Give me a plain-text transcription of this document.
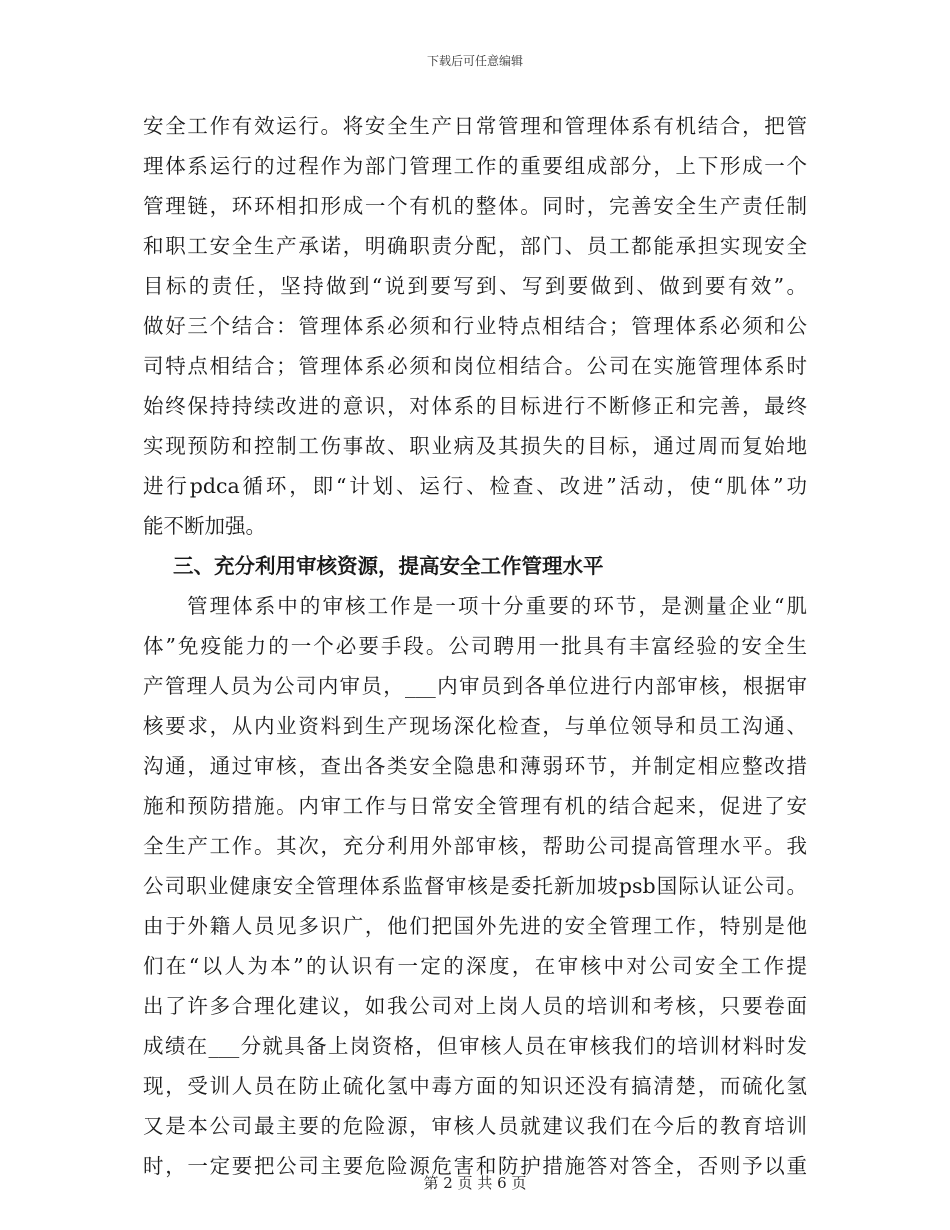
下载后可任意编辑
安全工作有效运行。将安全生产日常管理和管理体系有机结合，把管
理体系运行的过程作为部门管理工作的重要组成部分，上下形成一个
管理链，环环相扣形成一个有机的整体。同时，完善安全生产责任制
和职工安全生产承诺，明确职责分配，部门、员工都能承担实现安全
目标的责任，坚持做到“说到要写到、写到要做到、做到要有效”。
做好三个结合：管理体系必须和行业特点相结合；管理体系必须和公
司特点相结合；管理体系必须和岗位相结合。公司在实施管理体系时
始终保持持续改进的意识，对体系的目标进行不断修正和完善，最终
实现预防和控制工伤事故、职业病及其损失的目标，通过周而复始地
进行pdca循环，即“计划、运行、检查、改进”活动，使“肌体”功
能不断加强。
三、充分利用审核资源，提高安全工作管理水平
管理体系中的审核工作是一项十分重要的环节，是测量企业“肌
体”免疫能力的一个必要手段。公司聘用一批具有丰富经验的安全生
产管理人员为公司内审员，___内审员到各单位进行内部审核，根据审
核要求，从内业资料到生产现场深化检查，与单位领导和员工沟通、
沟通，通过审核，查出各类安全隐患和薄弱环节，并制定相应整改措
施和预防措施。内审工作与日常安全管理有机的结合起来，促进了安
全生产工作。其次，充分利用外部审核，帮助公司提高管理水平。我
公司职业健康安全管理体系监督审核是委托新加坡psb国际认证公司。
由于外籍人员见多识广，他们把国外先进的安全管理工作，特别是他
们在“以人为本”的认识有一定的深度，在审核中对公司安全工作提
出了许多合理化建议，如我公司对上岗人员的培训和考核，只要卷面
成绩在___分就具备上岗资格，但审核人员在审核我们的培训材料时发
现，受训人员在防止硫化氢中毒方面的知识还没有搞清楚，而硫化氢
又是本公司最主要的危险源，审核人员就建议我们在今后的教育培训
时，一定要把公司主要危险源危害和防护措施答对答全，否则予以重
第 2 页 共 6 页
